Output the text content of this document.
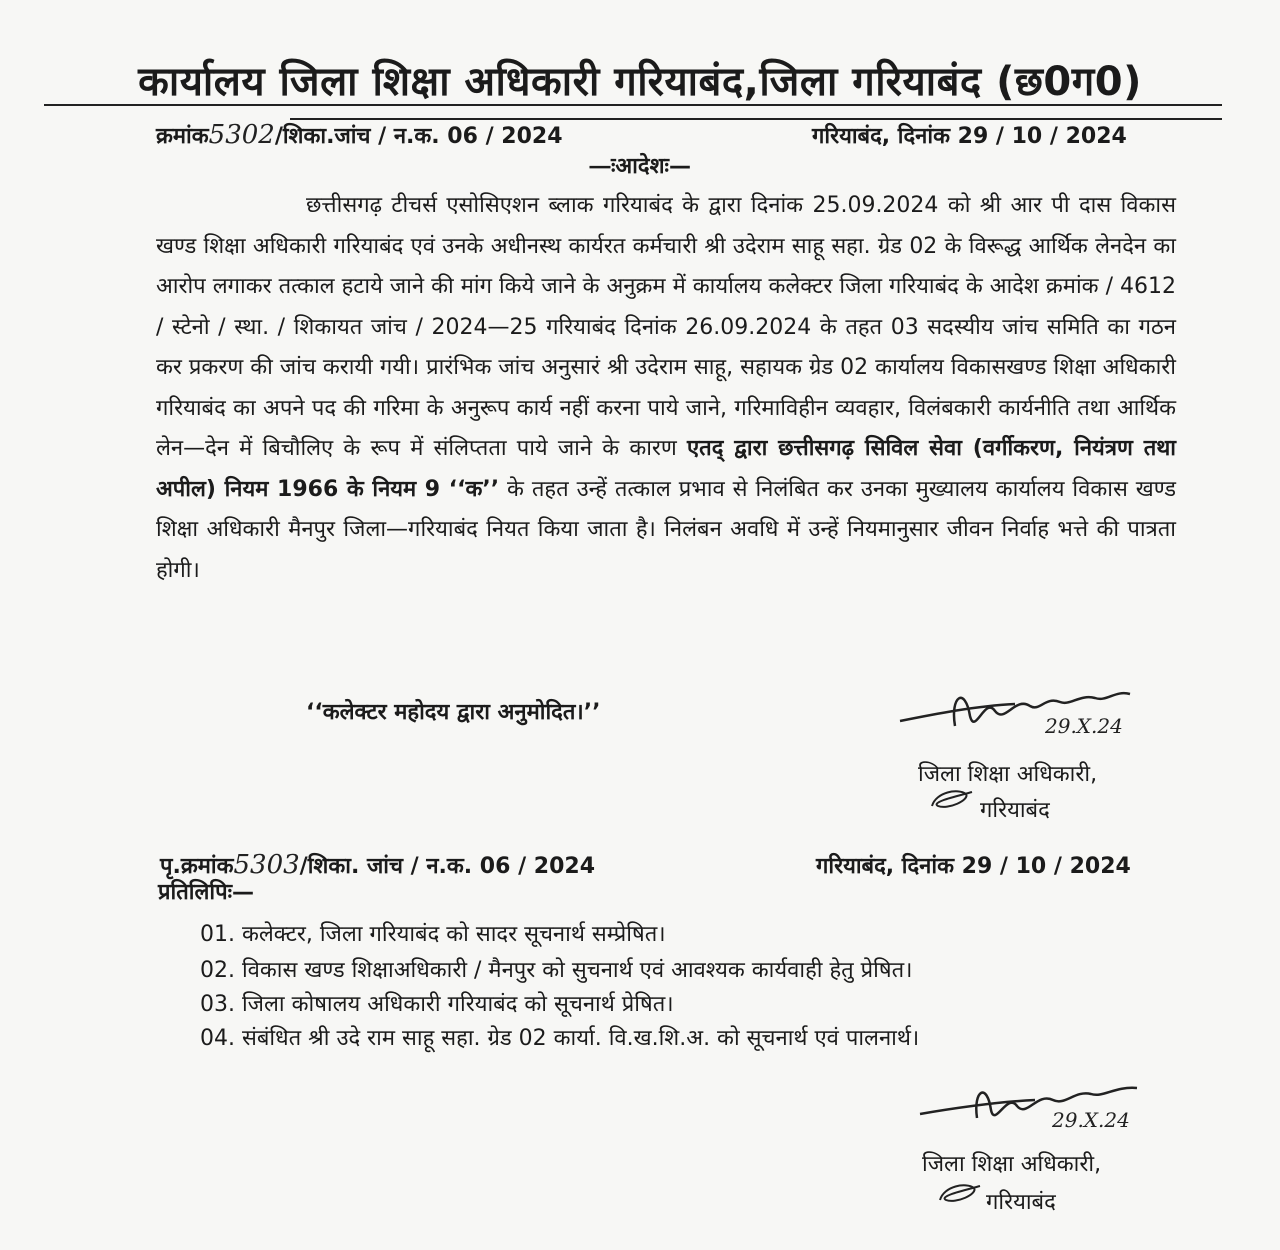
कार्यालय जिला शिक्षा अधिकारी गरियाबंद,जिला गरियाबंद (छ0ग0)
क्रमांक5302/शिका.जांच / न.क. 06 / 2024	गरियाबंद, दिनांक 29 / 10 / 2024
—ःआदेशः—
छत्तीसगढ़ टीचर्स एसोसिएशन ब्लाक गरियाबंद के द्वारा दिनांक 25.09.2024 को श्री आर पी दास विकास खण्ड शिक्षा अधिकारी गरियाबंद एवं उनके अधीनस्थ कार्यरत कर्मचारी श्री उदेराम साहू सहा. ग्रेड 02 के विरूद्ध आर्थिक लेनदेन का आरोप लगाकर तत्काल हटाये जाने की मांग किये जाने के अनुक्रम में कार्यालय कलेक्टर जिला गरियाबंद के आदेश क्रमांक / 4612 / स्टेनो / स्था. / शिकायत जांच / 2024—25 गरियाबंद दिनांक 26.09.2024 के तहत 03 सदस्यीय जांच समिति का गठन कर प्रकरण की जांच करायी गयी। प्रारंभिक जांच अनुसारं श्री उदेराम साहू, सहायक ग्रेड 02 कार्यालय विकासखण्ड शिक्षा अधिकारी गरियाबंद का अपने पद की गरिमा के अनुरूप कार्य नहीं करना पाये जाने, गरिमाविहीन व्यवहार, विलंबकारी कार्यनीति तथा आर्थिक लेन—देन में बिचौलिए के रूप में संलिप्तता पाये जाने के कारण एतद् द्वारा छत्तीसगढ़ सिविल सेवा (वर्गीकरण, नियंत्रण तथा अपील) नियम 1966 के नियम 9 ‘‘क’’ के तहत उन्हें तत्काल प्रभाव से निलंबित कर उनका मुख्यालय कार्यालय विकास खण्ड शिक्षा अधिकारी मैनपुर जिला—गरियाबंद नियत किया जाता है। निलंबन अवधि में उन्हें नियमानुसार जीवन निर्वाह भत्ते की पात्रता होगी।
‘‘कलेक्टर महोदय द्वारा अनुमोदित।’’
29.X.24
जिला शिक्षा अधिकारी,
गरियाबंद
पृ.क्रमांक5303/शिका. जांच / न.क. 06 / 2024	गरियाबंद, दिनांक 29 / 10 / 2024
प्रतिलिपिः—
01. कलेक्टर, जिला गरियाबंद को सादर सूचनार्थ सम्प्रेषित।
02. विकास खण्ड शिक्षाअधिकारी / मैनपुर को सुचनार्थ एवं आवश्यक कार्यवाही हेतु प्रेषित।
03. जिला कोषालय अधिकारी गरियाबंद को सूचनार्थ प्रेषित।
04. संबंधित श्री उदे राम साहू सहा. ग्रेड 02 कार्या. वि.ख.शि.अ. को सूचनार्थ एवं पालनार्थ।
29.X.24
जिला शिक्षा अधिकारी,
गरियाबंद
